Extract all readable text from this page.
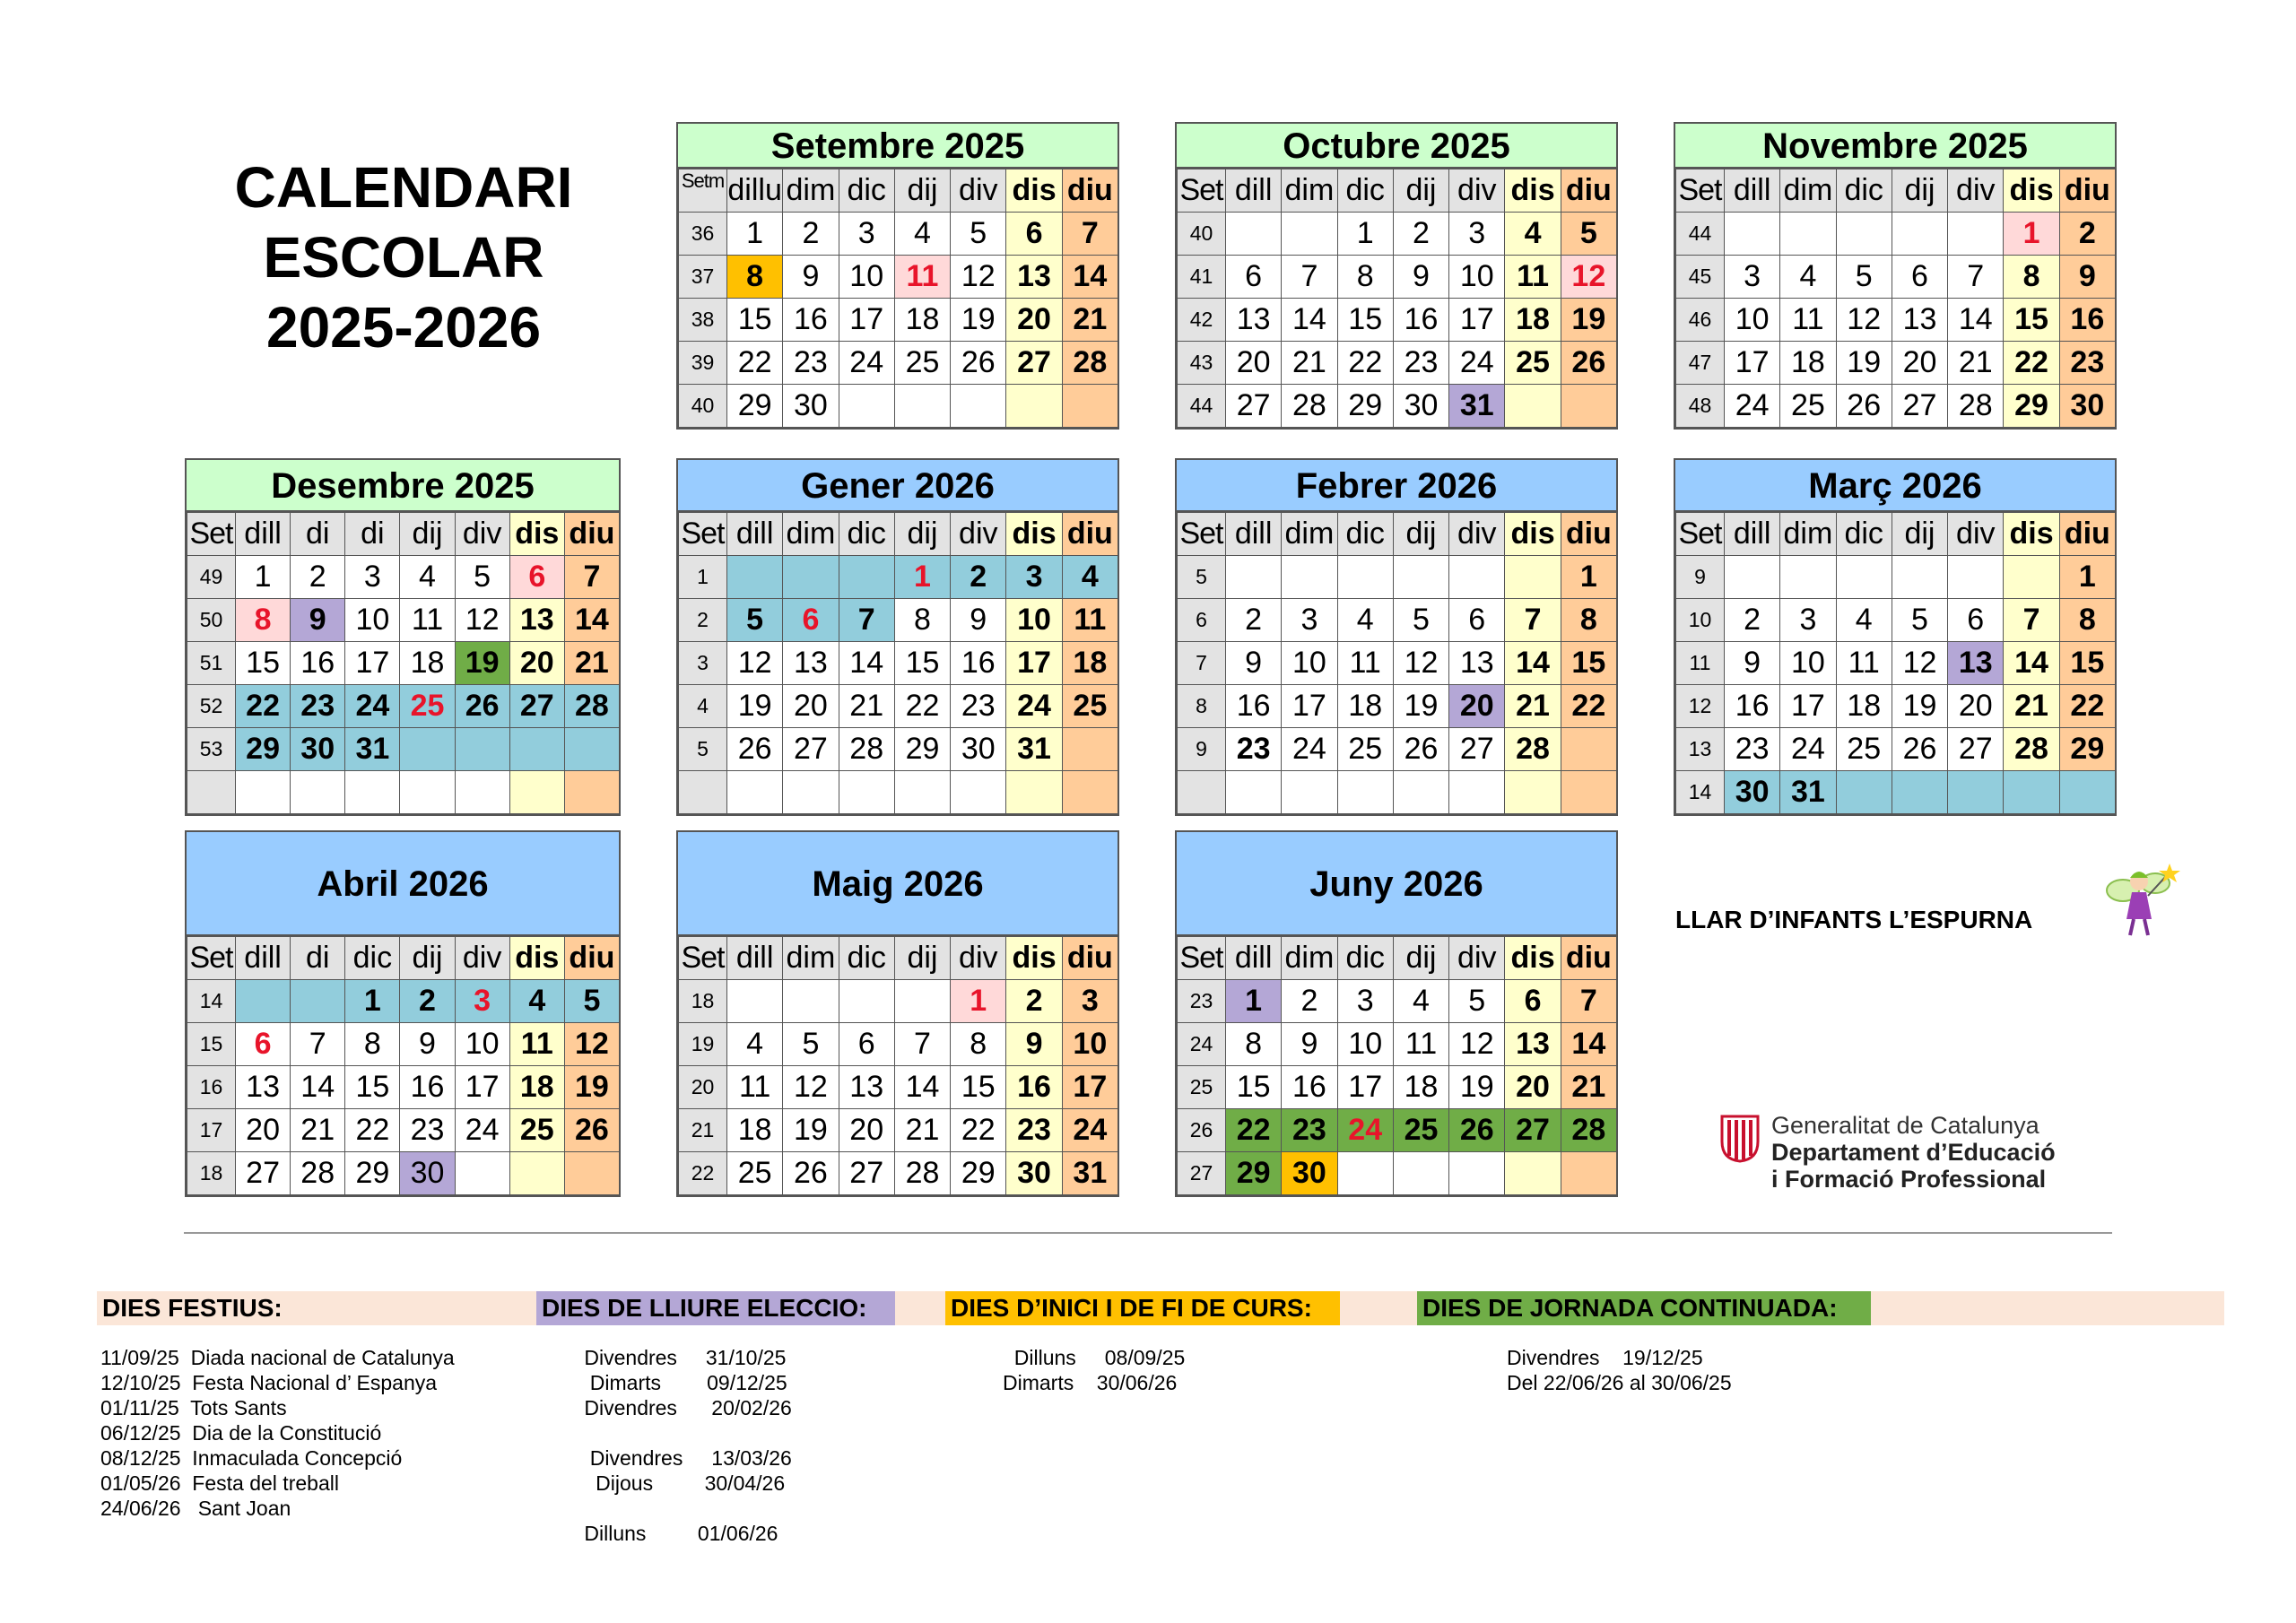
CALENDARI
ESCOLAR
2025-2026
Setembre 2025
Setm	dillu	dim	dic	dij	div	dis	diu
36	1	2	3	4	5	6	7
37	8	9	10	11	12	13	14
38	15	16	17	18	19	20	21
39	22	23	24	25	26	27	28
40	29	30					
Octubre 2025
Set	dill	dim	dic	dij	div	dis	diu
40			1	2	3	4	5
41	6	7	8	9	10	11	12
42	13	14	15	16	17	18	19
43	20	21	22	23	24	25	26
44	27	28	29	30	31		
Novembre 2025
Set	dill	dim	dic	dij	div	dis	diu
44						1	2
45	3	4	5	6	7	8	9
46	10	11	12	13	14	15	16
47	17	18	19	20	21	22	23
48	24	25	26	27	28	29	30
Desembre 2025
Set	dill	di	di	dij	div	dis	diu
49	1	2	3	4	5	6	7
50	8	9	10	11	12	13	14
51	15	16	17	18	19	20	21
52	22	23	24	25	26	27	28
53	29	30	31				

Gener 2026
Set	dill	dim	dic	dij	div	dis	diu
1				1	2	3	4
2	5	6	7	8	9	10	11
3	12	13	14	15	16	17	18
4	19	20	21	22	23	24	25
5	26	27	28	29	30	31	

Febrer 2026
Set	dill	dim	dic	dij	div	dis	diu
5							1
6	2	3	4	5	6	7	8
7	9	10	11	12	13	14	15
8	16	17	18	19	20	21	22
9	23	24	25	26	27	28	

Març 2026
Set	dill	dim	dic	dij	div	dis	diu
9							1
10	2	3	4	5	6	7	8
11	9	10	11	12	13	14	15
12	16	17	18	19	20	21	22
13	23	24	25	26	27	28	29
14	30	31					
Abril 2026
Set	dill	di	dic	dij	div	dis	diu
14			1	2	3	4	5
15	6	7	8	9	10	11	12
16	13	14	15	16	17	18	19
17	20	21	22	23	24	25	26
18	27	28	29	30			
Maig 2026
Set	dill	dim	dic	dij	div	dis	diu
18					1	2	3
19	4	5	6	7	8	9	10
20	11	12	13	14	15	16	17
21	18	19	20	21	22	23	24
22	25	26	27	28	29	30	31
Juny 2026
Set	dill	dim	dic	dij	div	dis	diu
23	1	2	3	4	5	6	7
24	8	9	10	11	12	13	14
25	15	16	17	18	19	20	21
26	22	23	24	25	26	27	28
27	29	30					
LLAR D’INFANTS L’ESPURNA
Generalitat de Catalunya
Departament d’Educació
i Formació Professional
DIES FESTIUS:	DIES DE LLIURE ELECCIO:	DIES D’INICI I DE FI DE CURS:	DIES DE JORNADA CONTINUADA:
11/09/25  Diada nacional de Catalunya
12/10/25  Festa Nacional d’ Espanya
01/11/25  Tots Sants
06/12/25  Dia de la Constitució
08/12/25  Inmaculada Concepció
01/05/26  Festa del treball
24/06/26   Sant Joan
Divendres     31/10/25
Dimarts        09/12/25
Divendres      20/02/26
Divendres     13/03/26
Dijous         30/04/26
Dilluns         01/06/26
Dilluns     08/09/25
Dimarts    30/06/26
Divendres    19/12/25
Del 22/06/26 al 30/06/25
